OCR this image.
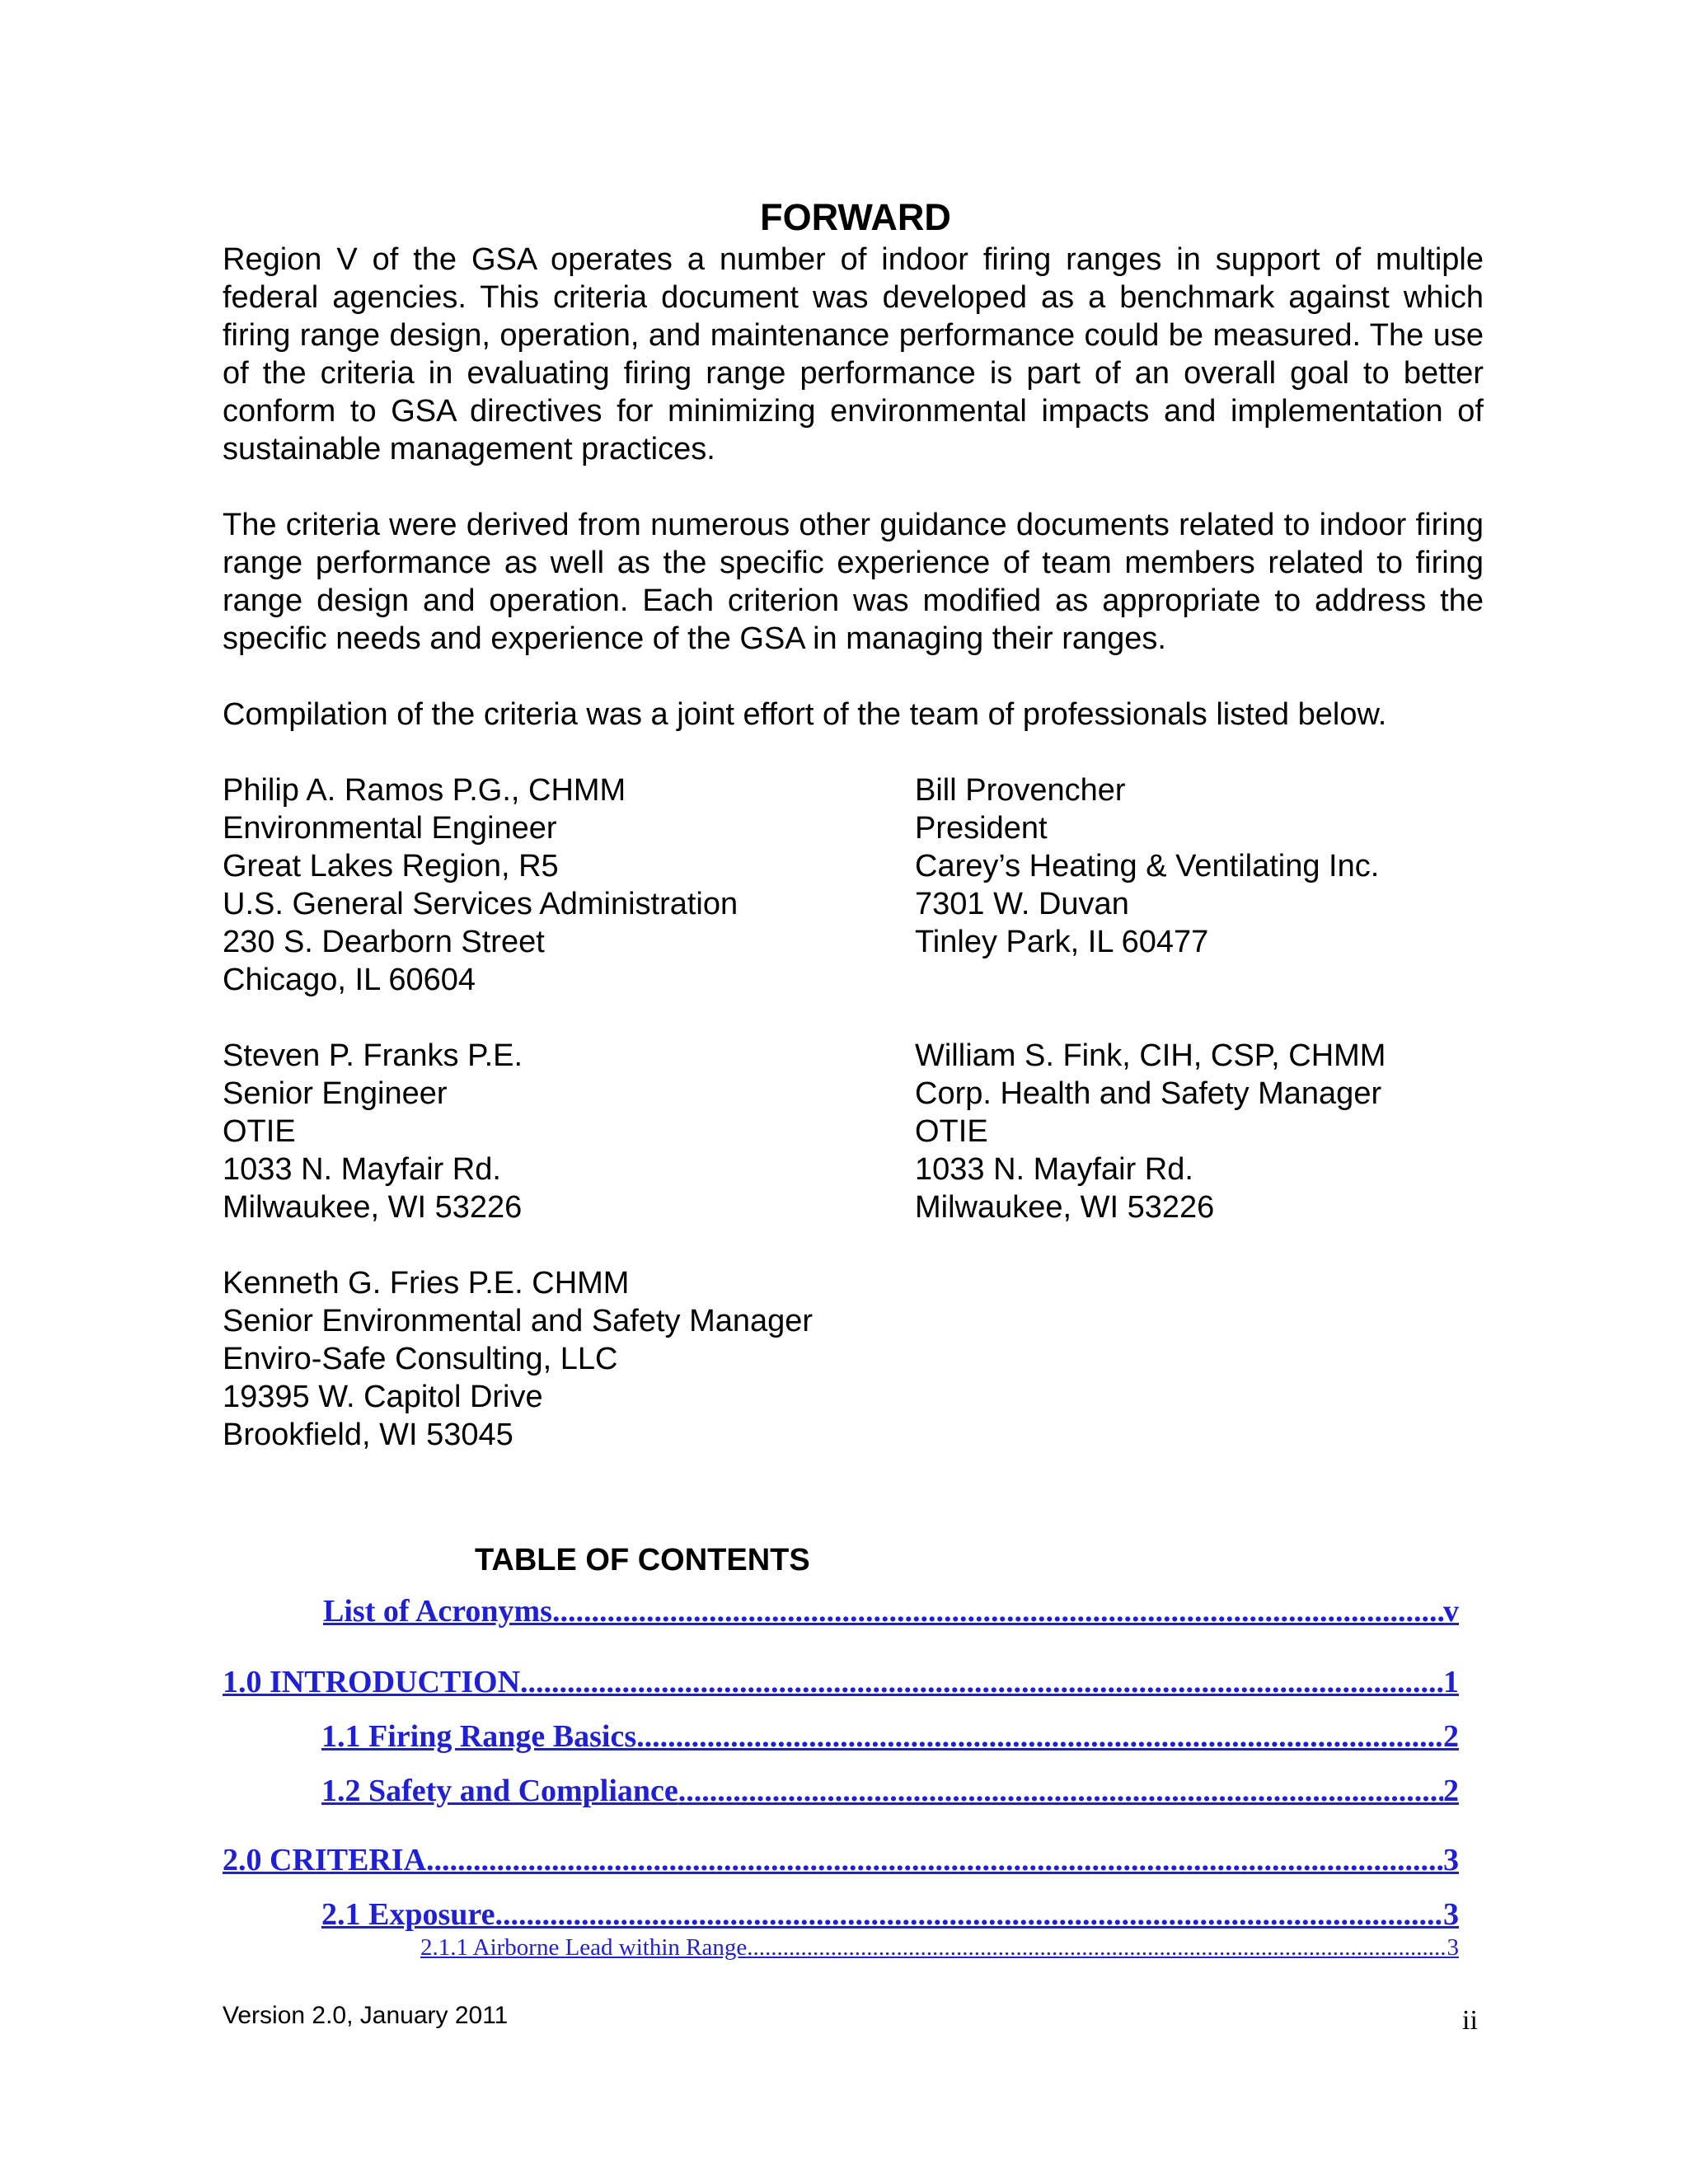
FORWARD

Region V of the GSA operates a number of indoor firing ranges in support of multiple federal agencies. This criteria document was developed as a benchmark against which firing range design, operation, and maintenance performance could be measured. The use of the criteria in evaluating firing range performance is part of an overall goal to better conform to GSA directives for minimizing environmental impacts and implementation of sustainable management practices.

The criteria were derived from numerous other guidance documents related to indoor firing range performance as well as the specific experience of team members related to firing range design and operation. Each criterion was modified as appropriate to address the specific needs and experience of the GSA in managing their ranges.

Compilation of the criteria was a joint effort of the team of professionals listed below.

Philip A. Ramos P.G., CHMM
Environmental Engineer
Great Lakes Region, R5
U.S. General Services Administration
230 S. Dearborn Street
Chicago, IL 60604
Bill Provencher
President
Carey’s Heating & Ventilating Inc.
7301 W. Duvan
Tinley Park, IL 60477
Steven P. Franks P.E.
Senior Engineer
OTIE
1033 N. Mayfair Rd.
Milwaukee, WI 53226
William S. Fink, CIH, CSP, CHMM
Corp. Health and Safety Manager
OTIE
1033 N. Mayfair Rd.
Milwaukee, WI 53226
Kenneth G. Fries P.E. CHMM
Senior Environmental and Safety Manager
Enviro-Safe Consulting, LLC
19395 W. Capitol Drive
Brookfield, WI 53045
TABLE OF CONTENTS
List of Acronyms .....	v
1.0 INTRODUCTION .....	1
1.1 Firing Range Basics .....	2
1.2 Safety and Compliance .....	2
2.0 CRITERIA .....	3
2.1 Exposure .....	3
2.1.1 Airborne Lead within Range .....	3
Version 2.0, January 2011	ii
